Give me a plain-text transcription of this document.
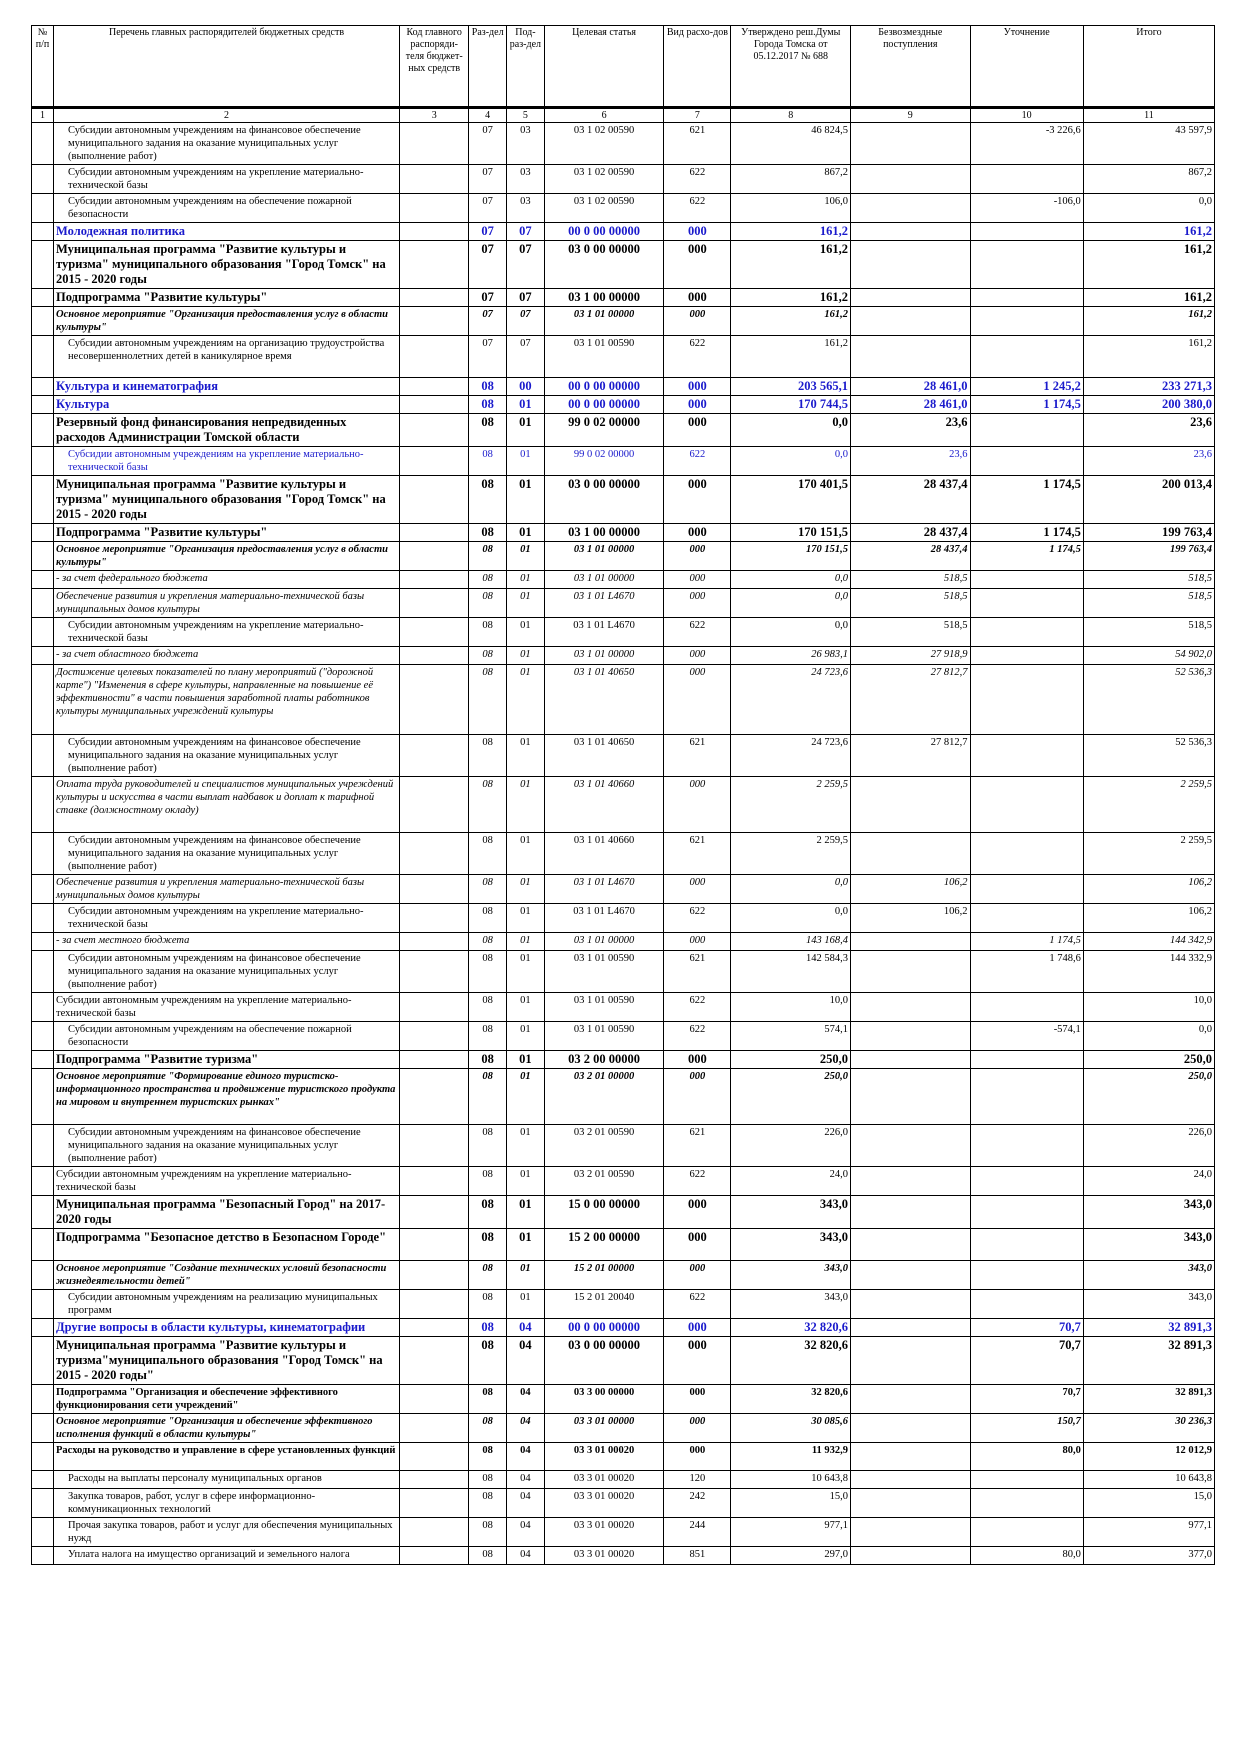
№ п/п	Перечень главных распорядителей бюджетных средств	Код главного распоряди-теля бюджет-ных средств	Раз-дел	Под-раз-дел	Целевая статья	Вид расхо-дов	Утверждено реш.Думы Города Томска от 05.12.2017 № 688	Безвозмездные поступления	Уточнение	Итого
1	2	3	4	5	6	7	8	9	10	11
	Субсидии автономным учреждениям на финансовое обеспечение муниципального задания на оказание муниципальных услуг (выполнение работ)		07	03	03 1 02 00590	621	46 824,5		-3 226,6	43 597,9
	Субсидии автономным учреждениям на укрепление материально-технической базы		07	03	03 1 02 00590	622	867,2			867,2
	Субсидии автономным учреждениям на обеспечение пожарной безопасности		07	03	03 1 02 00590	622	106,0		-106,0	0,0
	Молодежная политика		07	07	00 0 00 00000	000	161,2			161,2
	Муниципальная программа "Развитие культуры и туризма" муниципального образования "Город Томск" на 2015 - 2020 годы		07	07	03 0 00 00000	000	161,2			161,2
	Подпрограмма "Развитие культуры"		07	07	03 1 00 00000	000	161,2			161,2
	Основное мероприятие "Организация предоставления услуг в области культуры"		07	07	03 1 01 00000	000	161,2			161,2
	Субсидии автономным учреждениям на организацию трудоустройства несовершеннолетних детей в каникулярное время		07	07	03 1 01 00590	622	161,2			161,2
	Культура и кинематография		08	00	00 0 00 00000	000	203 565,1	28 461,0	1 245,2	233 271,3
	Культура		08	01	00 0 00 00000	000	170 744,5	28 461,0	1 174,5	200 380,0
	Резервный фонд финансирования непредвиденных расходов Администрации Томской области		08	01	99 0 02 00000	000	0,0	23,6		23,6
	Субсидии автономным учреждениям на укрепление материально-технической базы		08	01	99 0 02 00000	622	0,0	23,6		23,6
	Муниципальная программа "Развитие культуры и туризма" муниципального образования "Город Томск" на 2015 - 2020 годы		08	01	03 0 00 00000	000	170 401,5	28 437,4	1 174,5	200 013,4
	Подпрограмма "Развитие культуры"		08	01	03 1 00 00000	000	170 151,5	28 437,4	1 174,5	199 763,4
	Основное мероприятие "Организация предоставления услуг в области культуры"		08	01	03 1 01 00000	000	170 151,5	28 437,4	1 174,5	199 763,4
	- за счет федерального бюджета		08	01	03 1 01 00000	000	0,0	518,5		518,5
	Обеспечение развития и укрепления материально-технической базы муниципальных домов культуры		08	01	03 1 01 L4670	000	0,0	518,5		518,5
	Субсидии автономным учреждениям на укрепление материально-технической базы		08	01	03 1 01 L4670	622	0,0	518,5		518,5
	- за счет областного бюджета		08	01	03 1 01 00000	000	26 983,1	27 918,9		54 902,0
	Достижение целевых показателей по плану мероприятий ("дорожной карте") "Изменения в сфере культуры, направленные на повышение её эффективности" в части повышения заработной платы работников культуры муниципальных учреждений культуры		08	01	03 1 01 40650	000	24 723,6	27 812,7		52 536,3
	Субсидии автономным учреждениям на финансовое обеспечение муниципального задания на оказание муниципальных услуг (выполнение работ)		08	01	03 1 01 40650	621	24 723,6	27 812,7		52 536,3
	Оплата труда руководителей и специалистов муниципальных учреждений культуры и искусства в части выплат надбавок и доплат к тарифной ставке (должностному окладу)		08	01	03 1 01 40660	000	2 259,5			2 259,5
	Субсидии автономным учреждениям на финансовое обеспечение муниципального задания на оказание муниципальных услуг (выполнение работ)		08	01	03 1 01 40660	621	2 259,5			2 259,5
	Обеспечение развития и укрепления материально-технической базы муниципальных домов культуры		08	01	03 1 01 L4670	000	0,0	106,2		106,2
	Субсидии автономным учреждениям на укрепление материально-технической базы		08	01	03 1 01 L4670	622	0,0	106,2		106,2
	- за счет местного бюджета		08	01	03 1 01 00000	000	143 168,4		1 174,5	144 342,9
	Субсидии автономным учреждениям на финансовое обеспечение муниципального задания на оказание муниципальных услуг (выполнение работ)		08	01	03 1 01 00590	621	142 584,3		1 748,6	144 332,9
	Субсидии автономным учреждениям на укрепление материально-технической базы		08	01	03 1 01 00590	622	10,0			10,0
	Субсидии автономным учреждениям на обеспечение пожарной безопасности		08	01	03 1 01 00590	622	574,1		-574,1	0,0
	Подпрограмма "Развитие туризма"		08	01	03 2 00 00000	000	250,0			250,0
	Основное мероприятие "Формирование единого туристско-информационного пространства и продвижение туристского продукта на мировом и внутреннем туристских рынках"		08	01	03 2 01 00000	000	250,0			250,0
	Субсидии автономным учреждениям на финансовое обеспечение муниципального задания на оказание муниципальных услуг (выполнение работ)		08	01	03 2 01 00590	621	226,0			226,0
	Субсидии автономным учреждениям на укрепление материально-технической базы		08	01	03 2 01 00590	622	24,0			24,0
	Муниципальная программа "Безопасный Город" на 2017-2020 годы		08	01	15 0 00 00000	000	343,0			343,0
	Подпрограмма "Безопасное детство в Безопасном Городе"		08	01	15 2 00 00000	000	343,0			343,0
	Основное мероприятие "Создание технических условий безопасности жизнедеятельности детей"		08	01	15 2 01 00000	000	343,0			343,0
	Субсидии автономным учреждениям на реализацию муниципальных программ		08	01	15 2 01 20040	622	343,0			343,0
	Другие вопросы в области культуры, кинематографии		08	04	00 0 00 00000	000	32 820,6		70,7	32 891,3
	Муниципальная программа "Развитие культуры и туризма"муниципального образования "Город Томск" на 2015 - 2020 годы"		08	04	03 0 00 00000	000	32 820,6		70,7	32 891,3
	Подпрограмма "Организация и обеспечение эффективного функционирования сети учреждений"		08	04	03 3 00 00000	000	32 820,6		70,7	32 891,3
	Основное мероприятие "Организация и обеспечение эффективного исполнения функций в области культуры"		08	04	03 3 01 00000	000	30 085,6		150,7	30 236,3
	Расходы на руководство и управление в сфере установленных функций		08	04	03 3 01 00020	000	11 932,9		80,0	12 012,9
	Расходы на выплаты персоналу муниципальных органов		08	04	03 3 01 00020	120	10 643,8			10 643,8
	Закупка товаров, работ, услуг в сфере информационно-коммуникационных технологий		08	04	03 3 01 00020	242	15,0			15,0
	Прочая закупка товаров, работ и услуг для обеспечения муниципальных нужд		08	04	03 3 01 00020	244	977,1			977,1
	Уплата налога на имущество организаций и земельного налога		08	04	03 3 01 00020	851	297,0		80,0	377,0
